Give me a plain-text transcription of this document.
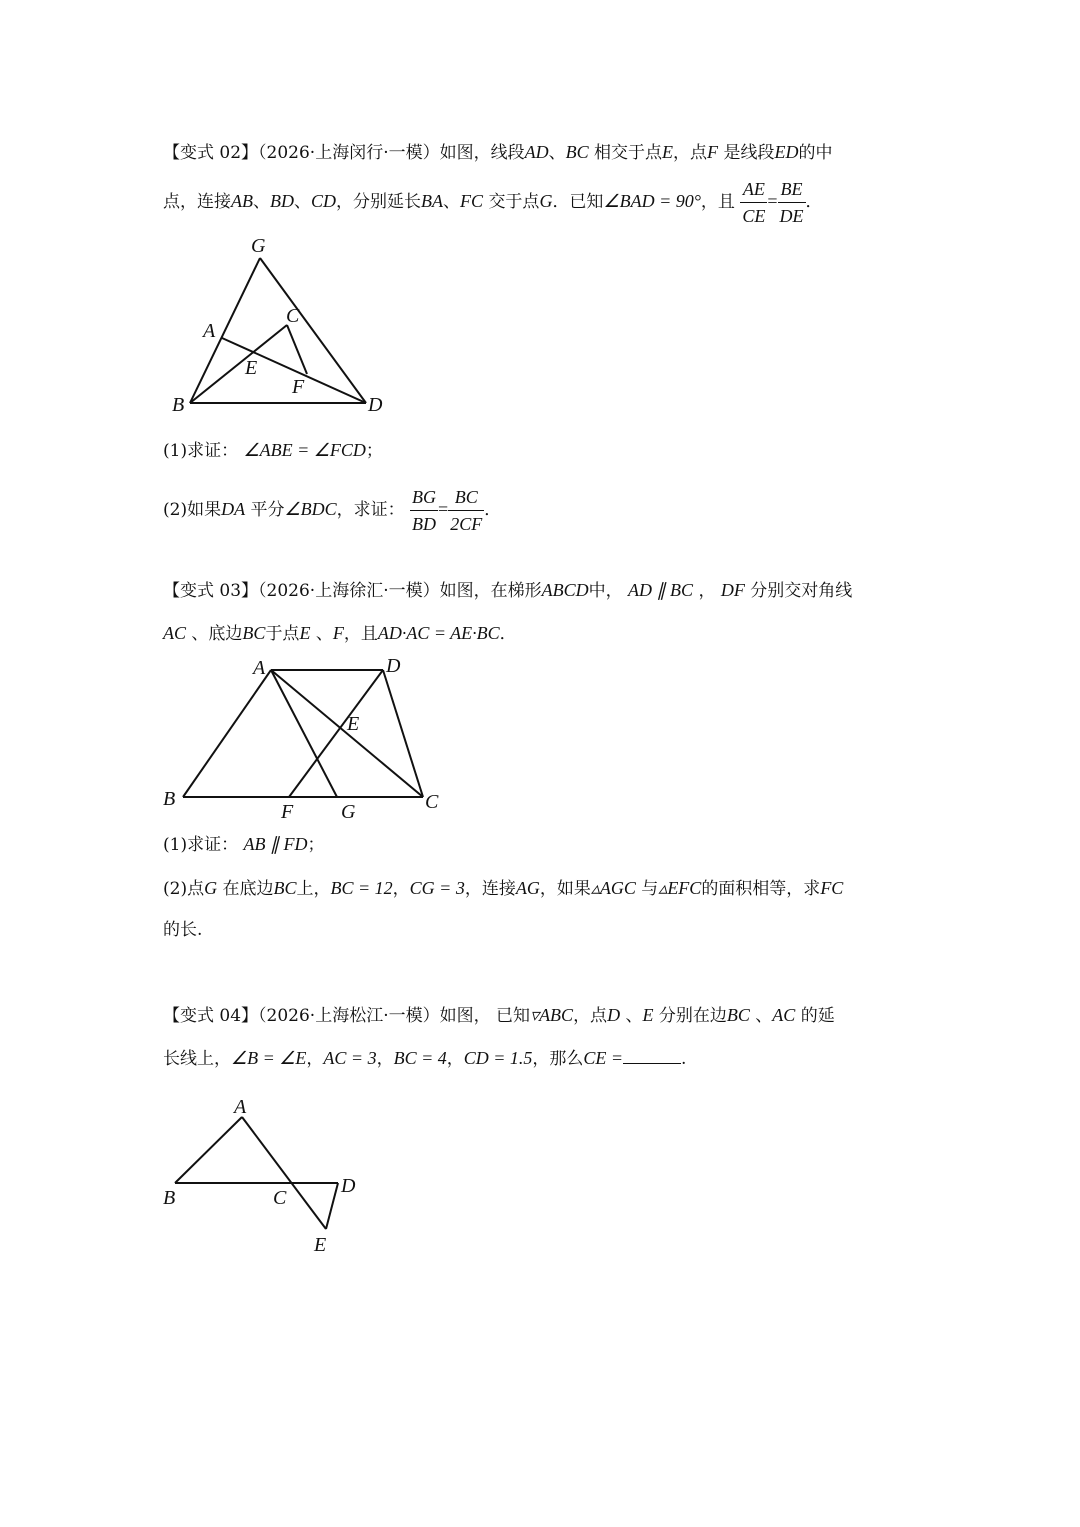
【变式 02】（2026·上海闵行·一模）如图，线段AD、BC 相交于点E，点F 是线段ED的中
点，连接AB、BD、CD，分别延长BA、FC 交于点G．已知∠BAD = 90°，且 $\frac{AE}{CE} = \frac{BE}{DE}$ ．
(1)求证： ∠ABE = ∠FCD；
(2)如果DA 平分∠BDC，求证： $\frac{BG}{BD} = \frac{BC}{2CF}$ ．
【变式 03】（2026·上海徐汇·一模）如图，在梯形ABCD中， AD ∥ BC ， DF 分别交对角线
AC 、底边BC于点E 、F，且AD·AC = AE·BC．
(1)求证： AB ∥ FD；
(2)点G 在底边BC上，BC = 12，CG = 3，连接AG，如果▵AGC 与▵EFC的面积相等，求FC
的长.
【变式 04】（2026·上海松江·一模）如图， 已知▿ABC，点D 、E 分别在边BC 、AC 的延
长线上，∠B = ∠E，AC = 3，BC = 4，CD = 1.5，那么CE =	.
G
A
C
E
F
B	D
A	D
E
B
F G	C
A
B	C
D
E
